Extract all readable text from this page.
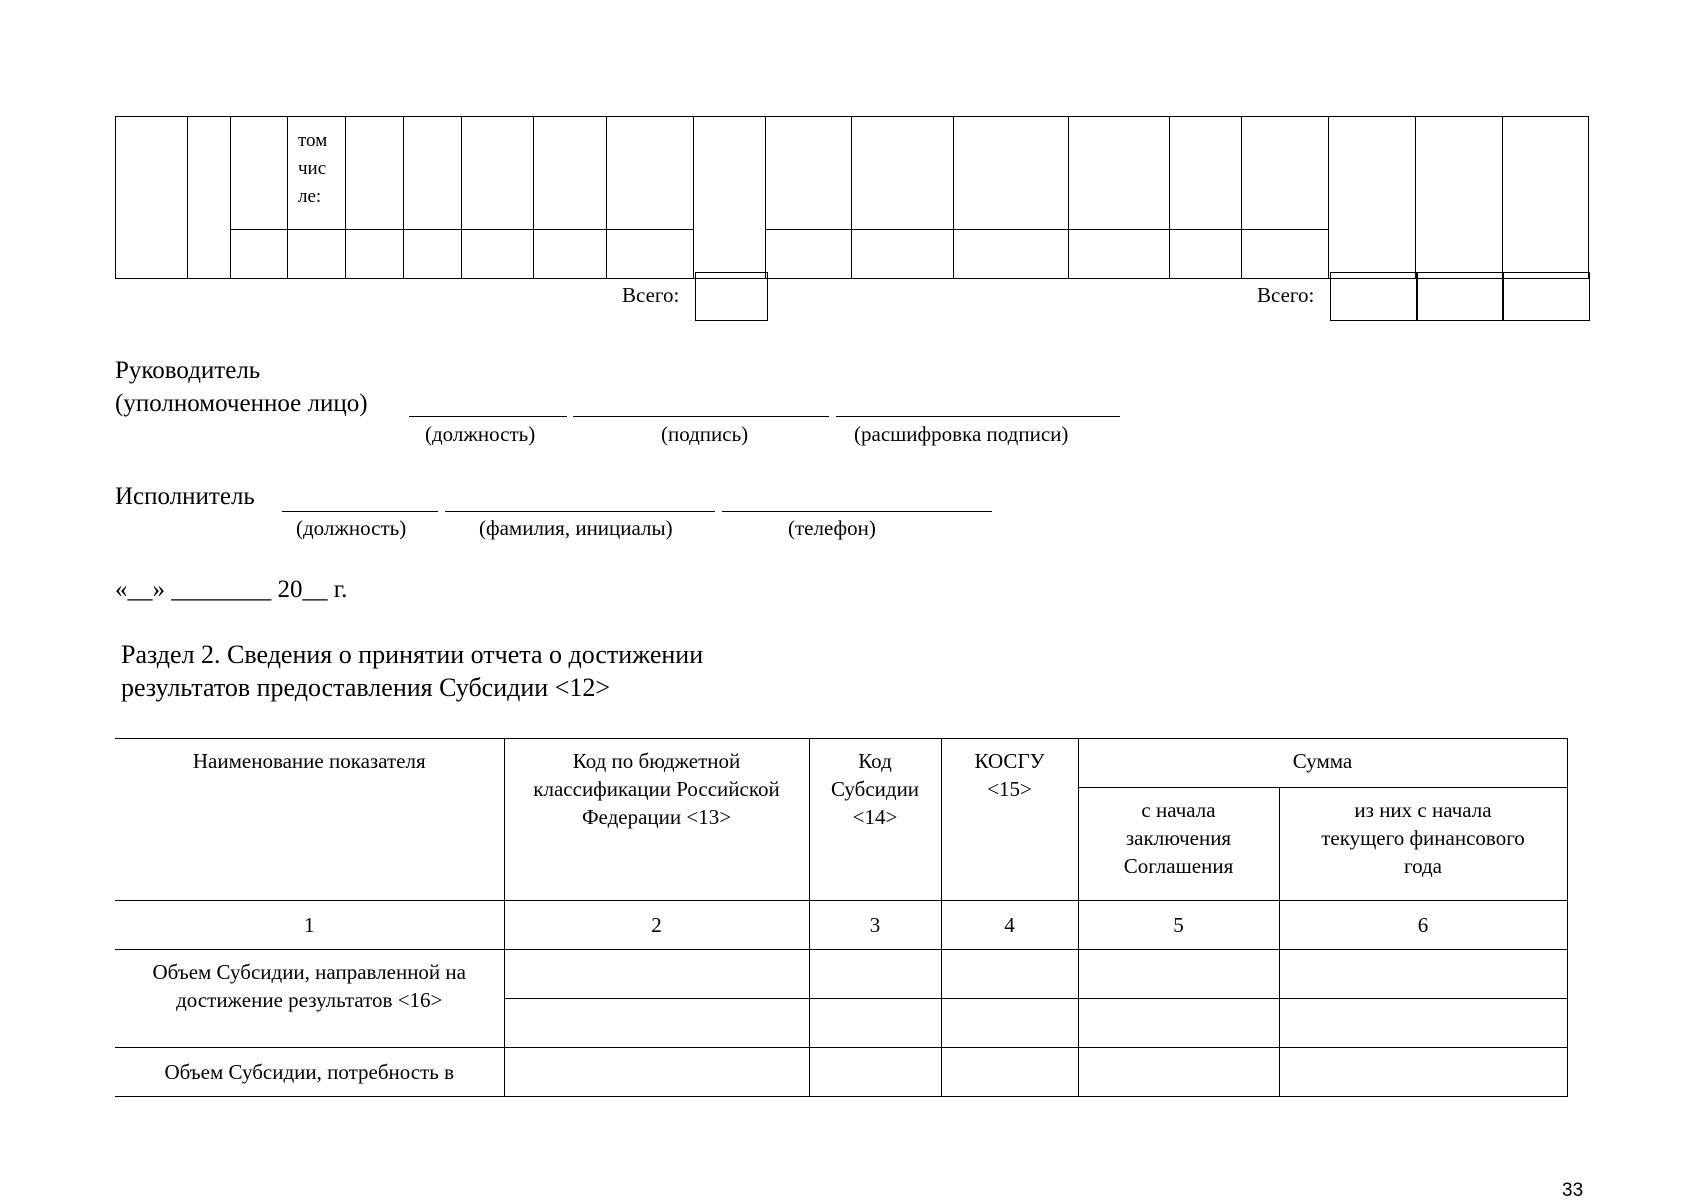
			том
чис
ле:															

Всего:	Всего:
Руководитель
(уполномоченное лицо)
(должность)	(подпись)	(расшифровка подписи)
Исполнитель
(должность)	(фамилия, инициалы)	(телефон)
«__» ________ 20__ г.
Раздел 2. Сведения о принятии отчета о достижении
результатов предоставления Субсидии <12>
Наименование показателя	Код по бюджетной классификации Российской Федерации <13>	Код Субсидии <14>	КОСГУ <15>	Сумма	
				с начала заключения Соглашения	из них с начала текущего финансового года
1	2	3	4	5	6
Объем Субсидии, направленной на достижение результатов <16>					

Объем Субсидии, потребность в					
33
